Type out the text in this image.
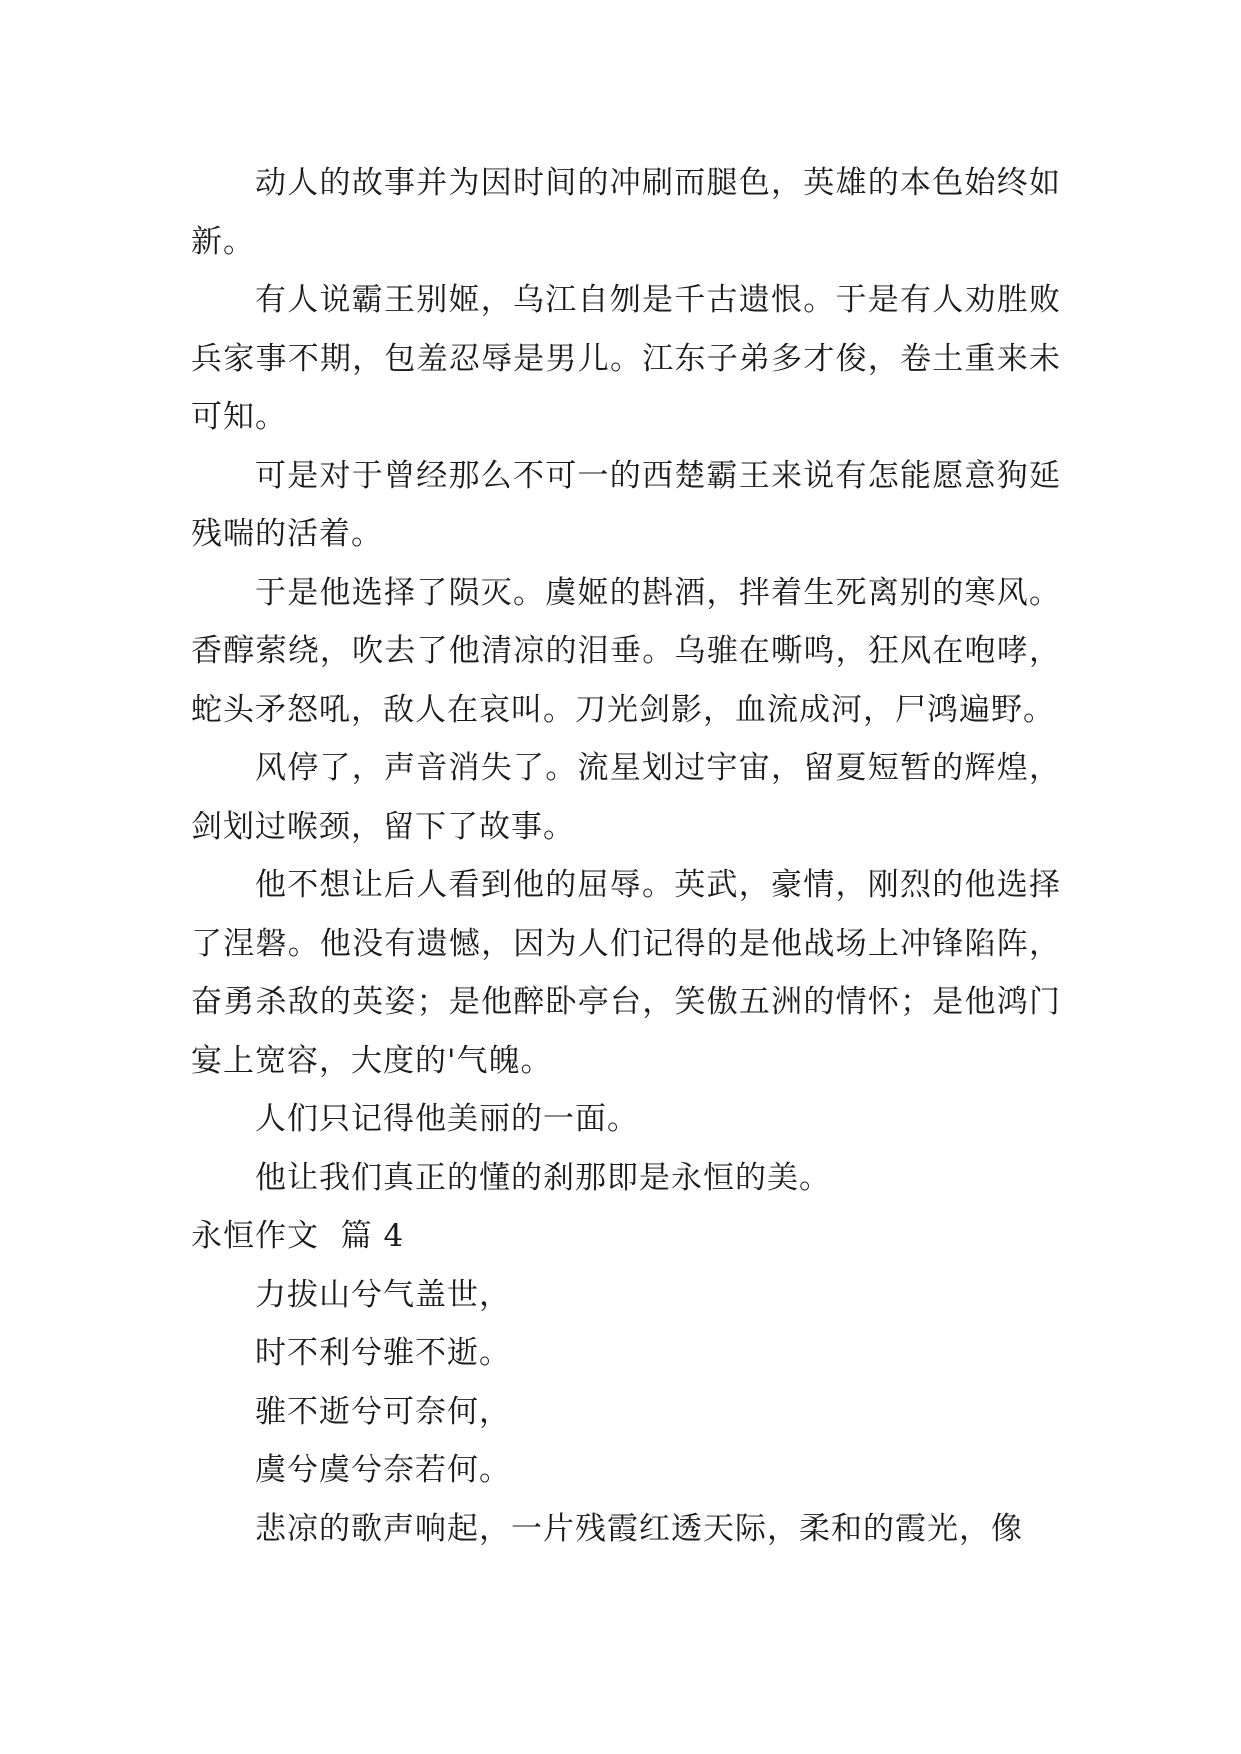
动人的故事并为因时间的冲刷而腿色，英雄的本色始终如新。

有人说霸王别姬，乌江自刎是千古遗恨。于是有人劝胜败兵家事不期，包羞忍辱是男儿。江东子弟多才俊，卷土重来未可知。

可是对于曾经那么不可一的西楚霸王来说有怎能愿意狗延残喘的活着。

于是他选择了陨灭。虞姬的斟酒，拌着生死离别的寒风。香醇萦绕，吹去了他清凉的泪垂。乌骓在嘶鸣，狂风在咆哮，蛇头矛怒吼，敌人在哀叫。刀光剑影，血流成河，尸鸿遍野。

风停了，声音消失了。流星划过宇宙，留夏短暂的辉煌，剑划过喉颈，留下了故事。

他不想让后人看到他的屈辱。英武，豪情，刚烈的他选择了涅磐。他没有遗憾，因为人们记得的是他战场上冲锋陷阵，奋勇杀敌的英姿；是他醉卧亭台，笑傲五洲的情怀；是他鸿门宴上宽容，大度的'气魄。

人们只记得他美丽的一面。

他让我们真正的懂的刹那即是永恒的美。

永恒作文  篇 4

力拔山兮气盖世，

时不利兮骓不逝。

骓不逝兮可奈何，

虞兮虞兮奈若何。

悲凉的歌声响起，一片残霞红透天际，柔和的霞光，像
